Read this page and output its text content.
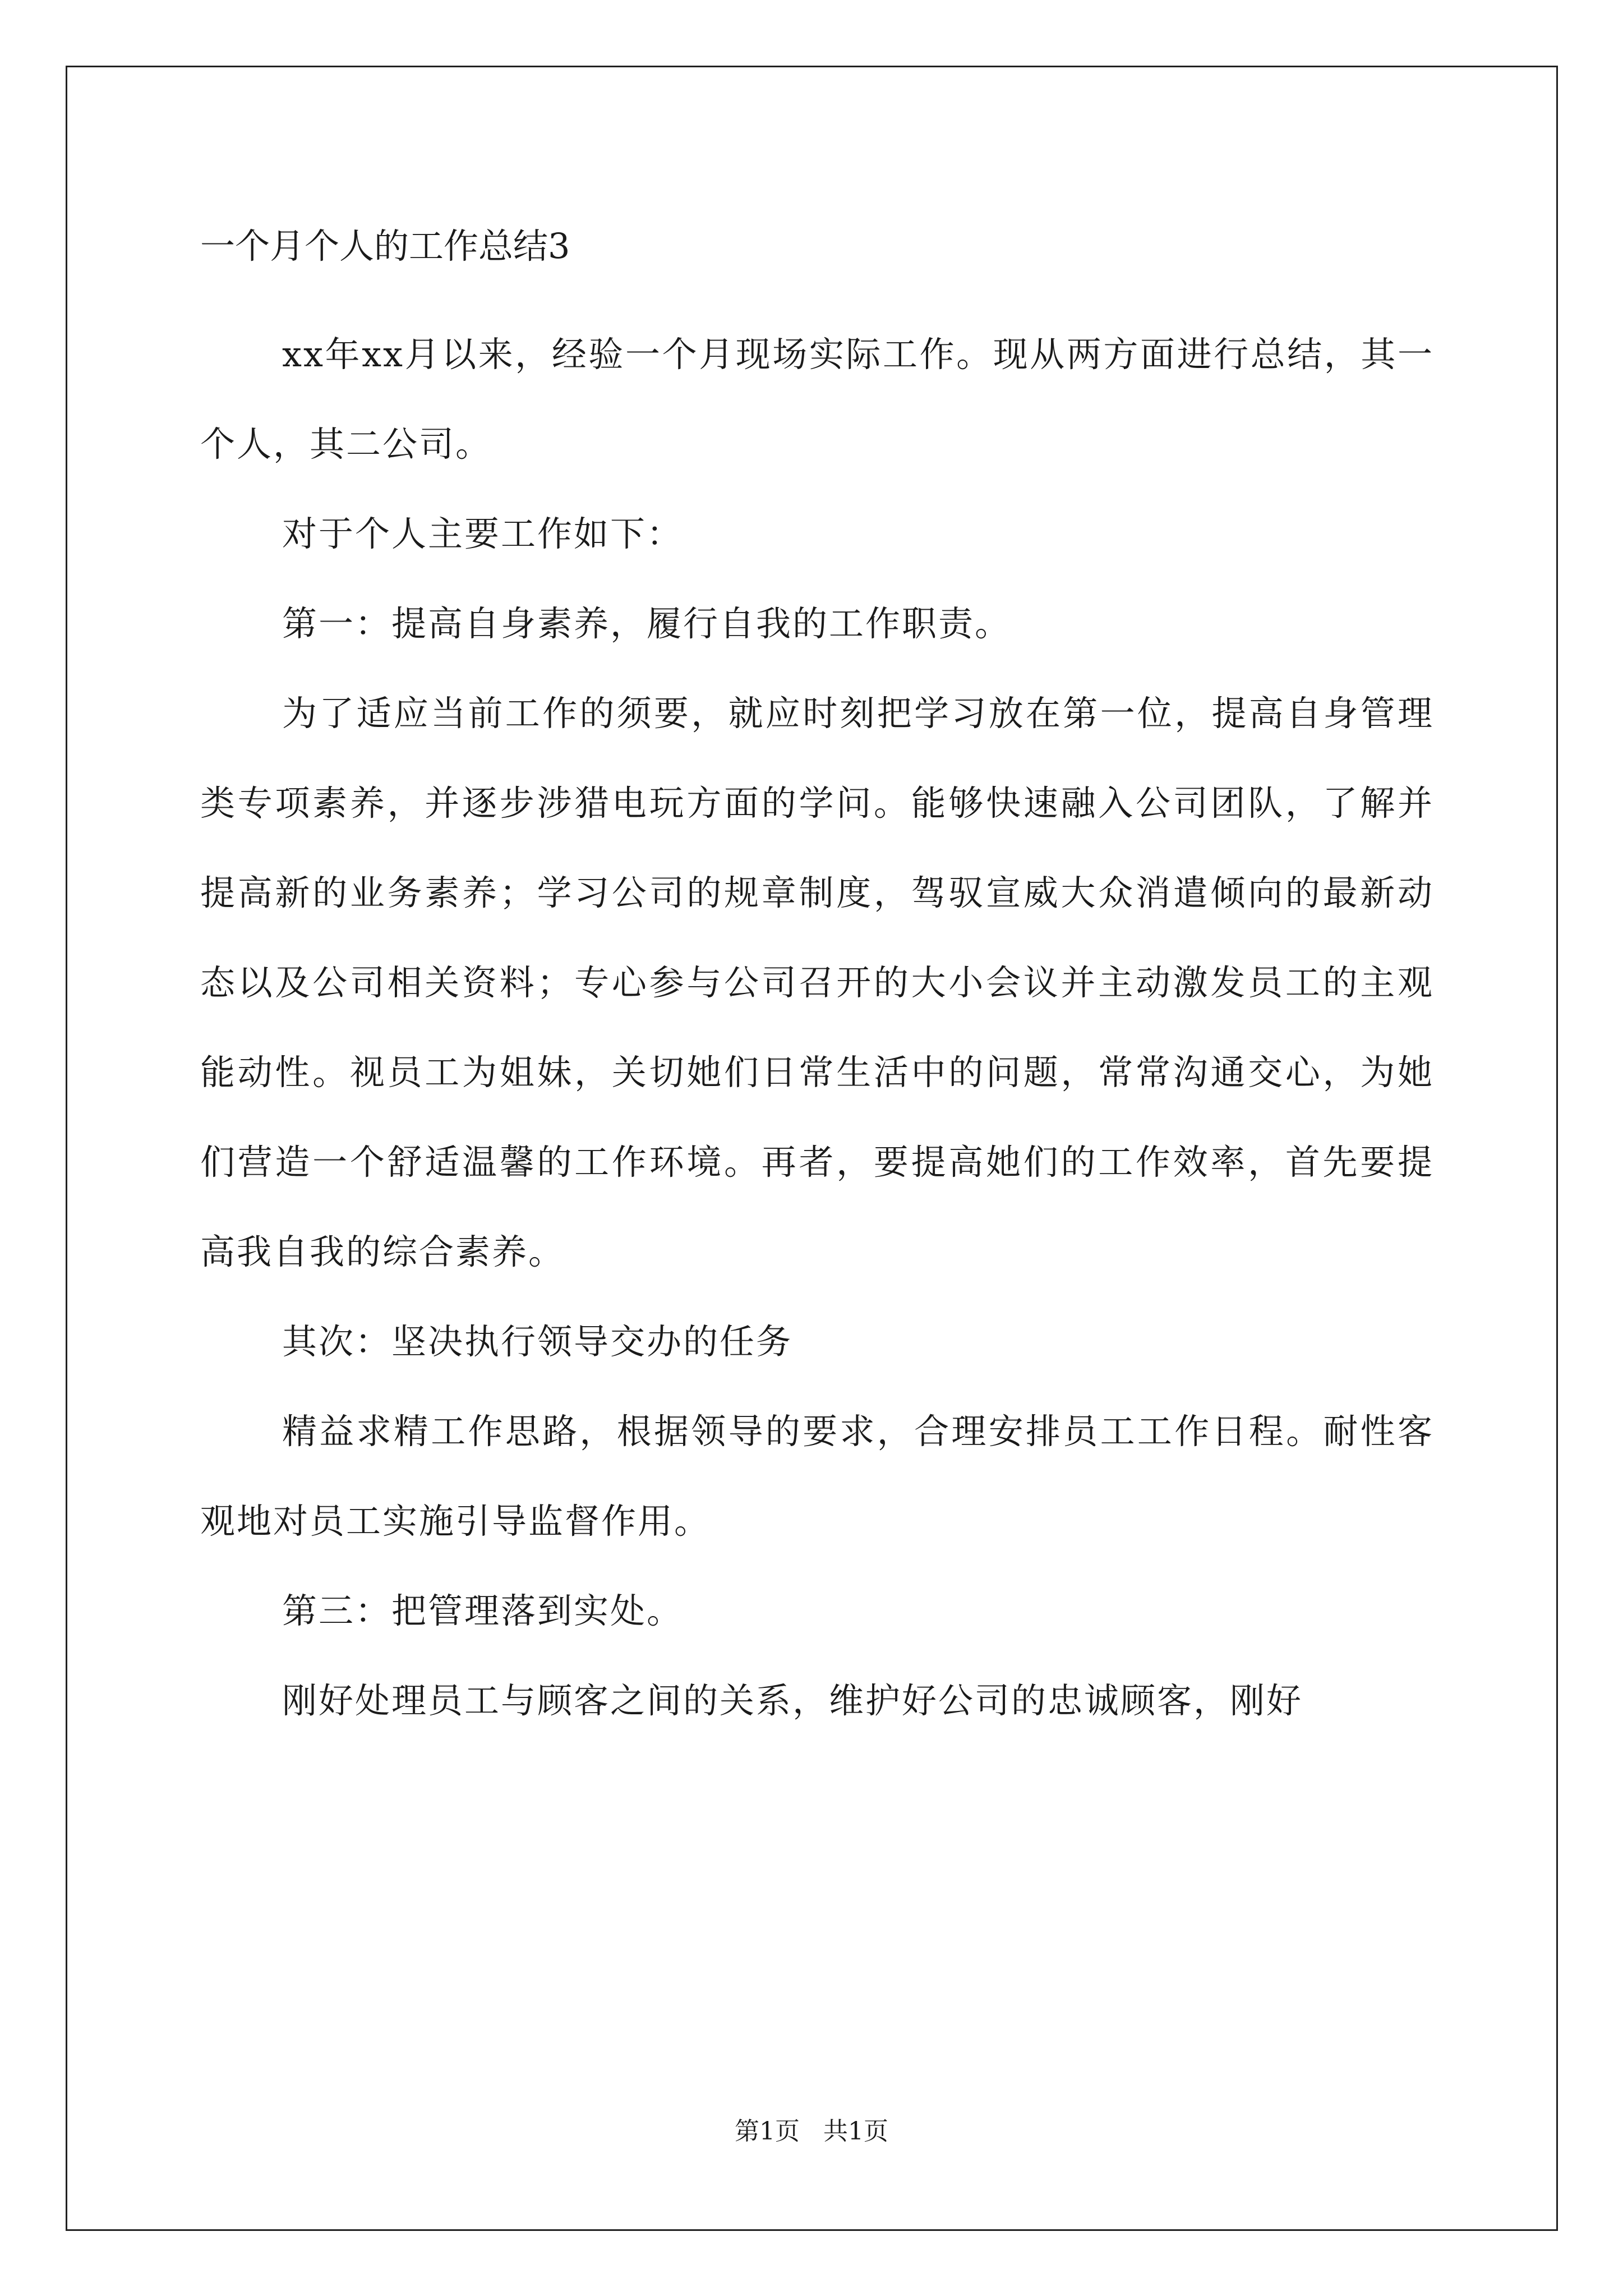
一个月个人的工作总结3

xx年xx月以来，经验一个月现场实际工作。现从两方面进行总结，其一个人，其二公司。

对于个人主要工作如下：

第一：提高自身素养，履行自我的工作职责。

为了适应当前工作的须要，就应时刻把学习放在第一位，提高自身管理类专项素养，并逐步涉猎电玩方面的学问。能够快速融入公司团队，了解并提高新的业务素养；学习公司的规章制度，驾驭宣威大众消遣倾向的最新动态以及公司相关资料；专心参与公司召开的大小会议并主动激发员工的主观能动性。视员工为姐妹，关切她们日常生活中的问题，常常沟通交心，为她们营造一个舒适温馨的工作环境。再者，要提高她们的工作效率，首先要提高我自我的综合素养。

其次：坚决执行领导交办的任务

精益求精工作思路，根据领导的要求，合理安排员工工作日程。耐性客观地对员工实施引导监督作用。

第三：把管理落到实处。

刚好处理员工与顾客之间的关系，维护好公司的忠诚顾客，刚好

第1页   共1页
